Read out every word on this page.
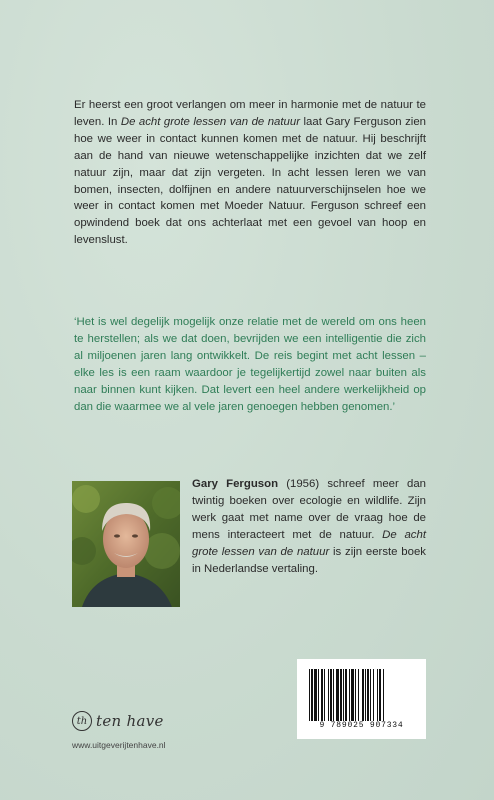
Er heerst een groot verlangen om meer in harmonie met de natuur te leven. In De acht grote lessen van de natuur laat Gary Ferguson zien hoe we weer in contact kunnen komen met de natuur. Hij beschrijft aan de hand van nieuwe wetenschappelijke inzichten dat we zelf natuur zijn, maar dat zijn vergeten. In acht lessen leren we van bomen, insecten, dolfijnen en andere natuurverschijnselen hoe we weer in contact komen met Moeder Natuur. Ferguson schreef een opwindend boek dat ons achterlaat met een gevoel van hoop en levenslust.

‘Het is wel degelijk mogelijk onze relatie met de wereld om ons heen te herstellen; als we dat doen, bevrijden we een intelligentie die zich al miljoenen jaren lang ontwikkelt. De reis begint met acht lessen – elke les is een raam waardoor je tegelijkertijd zowel naar buiten als naar binnen kunt kijken. Dat levert een heel andere werkelijkheid op dan die waarmee we al vele jaren genoegen hebben genomen.’

Gary Ferguson (1956) schreef meer dan twintig boeken over ecologie en wildlife. Zijn werk gaat met name over de vraag hoe de mens interacteert met de natuur. De acht grote lessen van de natuur is zijn eerste boek in Nederlandse vertaling.

th ten have
www.uitgeverijtenhave.nl
9 789025 907334
